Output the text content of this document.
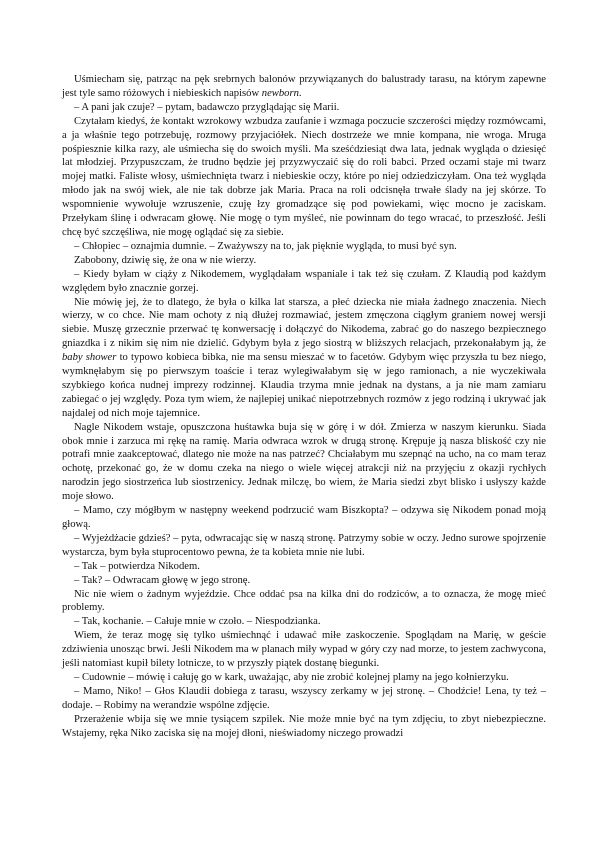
Uśmiecham się, patrząc na pęk srebrnych balonów przywiązanych do balustrady tarasu, na którym zapewne jest tyle samo różowych i niebieskich napisów newborn.

– A pani jak czuje? – pytam, badawczo przyglądając się Marii.

Czytałam kiedyś, że kontakt wzrokowy wzbudza zaufanie i wzmaga poczucie szczerości między rozmówcami, a ja właśnie tego potrzebuję, rozmowy przyjaciółek. Niech dostrzeże we mnie kompana, nie wroga. Mruga pośpiesznie kilka razy, ale uśmiecha się do swoich myśli. Ma sześćdziesiąt dwa lata, jednak wygląda o dziesięć lat młodziej. Przypuszczam, że trudno będzie jej przyzwyczaić się do roli babci. Przed oczami staje mi twarz mojej matki. Faliste włosy, uśmiechnięta twarz i niebieskie oczy, które po niej odziedziczyłam. Ona też wygląda młodo jak na swój wiek, ale nie tak dobrze jak Maria. Praca na roli odcisnęła trwałe ślady na jej skórze. To wspomnienie wywołuje wzruszenie, czuję łzy gromadzące się pod powiekami, więc mocno je zaciskam. Przełykam ślinę i odwracam głowę. Nie mogę o tym myśleć, nie powinnam do tego wracać, to przeszłość. Jeśli chcę być szczęśliwa, nie mogę oglądać się za siebie.

– Chłopiec – oznajmia dumnie. – Zważywszy na to, jak pięknie wygląda, to musi być syn.

Zabobony, dziwię się, że ona w nie wierzy.

– Kiedy byłam w ciąży z Nikodemem, wyglądałam wspaniale i tak też się czułam. Z Klaudią pod każdym względem było znacznie gorzej.

Nie mówię jej, że to dlatego, że była o kilka lat starsza, a płeć dziecka nie miała żadnego znaczenia. Niech wierzy, w co chce. Nie mam ochoty z nią dłużej rozmawiać, jestem zmęczona ciągłym graniem nowej wersji siebie. Muszę grzecznie przerwać tę konwersację i dołączyć do Nikodema, zabrać go do naszego bezpiecznego gniazdka i z nikim się nim nie dzielić. Gdybym była z jego siostrą w bliższych relacjach, przekonałabym ją, że baby shower to typowo kobieca bibka, nie ma sensu mieszać w to facetów. Gdybym więc przyszła tu bez niego, wymknęłabym się po pierwszym toaście i teraz wylegiwałabym się w jego ramionach, a nie wyczekiwała szybkiego końca nudnej imprezy rodzinnej. Klaudia trzyma mnie jednak na dystans, a ja nie mam zamiaru zabiegać o jej względy. Poza tym wiem, że najlepiej unikać niepotrzebnych rozmów z jego rodziną i ukrywać jak najdalej od nich moje tajemnice.

Nagle Nikodem wstaje, opuszczona huśtawka buja się w górę i w dół. Zmierza w naszym kierunku. Siada obok mnie i zarzuca mi rękę na ramię. Maria odwraca wzrok w drugą stronę. Krępuje ją nasza bliskość czy nie potrafi mnie zaakceptować, dlatego nie może na nas patrzeć? Chciałabym mu szepnąć na ucho, na co mam teraz ochotę, przekonać go, że w domu czeka na niego o wiele więcej atrakcji niż na przyjęciu z okazji rychłych narodzin jego siostrzeńca lub siostrzenicy. Jednak milczę, bo wiem, że Maria siedzi zbyt blisko i usłyszy każde moje słowo.

– Mamo, czy mógłbym w następny weekend podrzucić wam Biszkopta? – odzywa się Nikodem ponad moją głową.

– Wyjeżdżacie gdzieś? – pyta, odwracając się w naszą stronę. Patrzymy sobie w oczy. Jedno surowe spojrzenie wystarcza, bym była stuprocentowo pewna, że ta kobieta mnie nie lubi.

– Tak – potwierdza Nikodem.

– Tak? – Odwracam głowę w jego stronę.

Nic nie wiem o żadnym wyjeździe. Chce oddać psa na kilka dni do rodziców, a to oznacza, że mogę mieć problemy.

– Tak, kochanie. – Całuje mnie w czoło. – Niespodzianka.

Wiem, że teraz mogę się tylko uśmiechnąć i udawać miłe zaskoczenie. Spoglądam na Marię, w geście zdziwienia unosząc brwi. Jeśli Nikodem ma w planach miły wypad w góry czy nad morze, to jestem zachwycona, jeśli natomiast kupił bilety lotnicze, to w przyszły piątek dostanę biegunki.

– Cudownie – mówię i całuję go w kark, uważając, aby nie zrobić kolejnej plamy na jego kołnierzyku.

– Mamo, Niko! – Głos Klaudii dobiega z tarasu, wszyscy zerkamy w jej stronę. – Chodźcie! Lena, ty też – dodaje. – Robimy na werandzie wspólne zdjęcie.

Przerażenie wbija się we mnie tysiącem szpilek. Nie może mnie być na tym zdjęciu, to zbyt niebezpieczne. Wstajemy, ręka Niko zaciska się na mojej dłoni, nieświadomy niczego prowadzi
